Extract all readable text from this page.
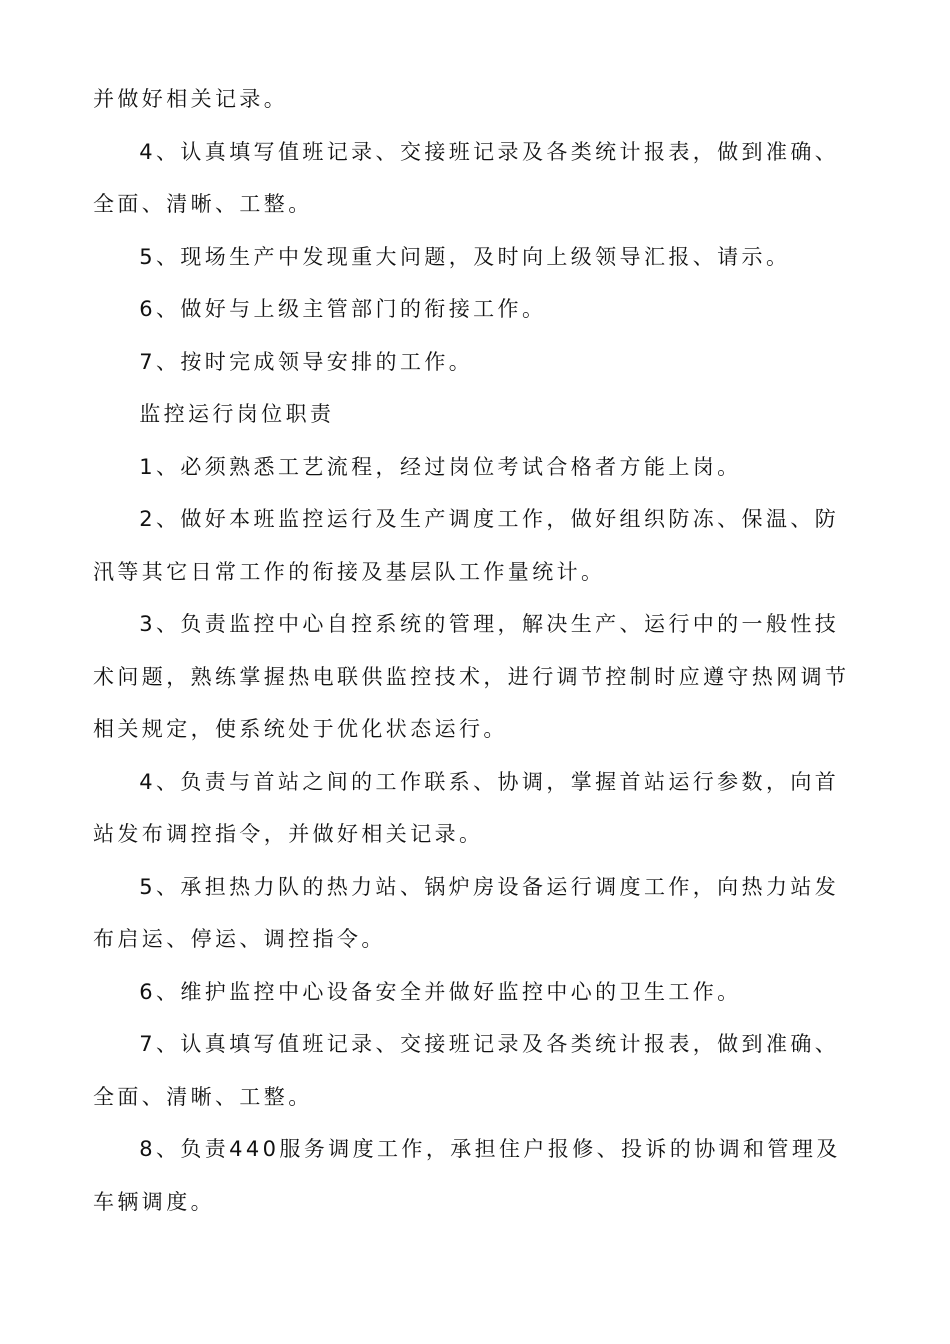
并做好相关记录。

4、认真填写值班记录、交接班记录及各类统计报表，做到准确、全面、清晰、工整。

5、现场生产中发现重大问题，及时向上级领导汇报、请示。

6、做好与上级主管部门的衔接工作。

7、按时完成领导安排的工作。

监控运行岗位职责

1、必须熟悉工艺流程，经过岗位考试合格者方能上岗。

2、做好本班监控运行及生产调度工作，做好组织防冻、保温、防汛等其它日常工作的衔接及基层队工作量统计。

3、负责监控中心自控系统的管理，解决生产、运行中的一般性技术问题，熟练掌握热电联供监控技术，进行调节控制时应遵守热网调节相关规定，使系统处于优化状态运行。

4、负责与首站之间的工作联系、协调，掌握首站运行参数，向首站发布调控指令，并做好相关记录。

5、承担热力队的热力站、锅炉房设备运行调度工作，向热力站发布启运、停运、调控指令。

6、维护监控中心设备安全并做好监控中心的卫生工作。

7、认真填写值班记录、交接班记录及各类统计报表，做到准确、全面、清晰、工整。

8、负责440服务调度工作，承担住户报修、投诉的协调和管理及车辆调度。
